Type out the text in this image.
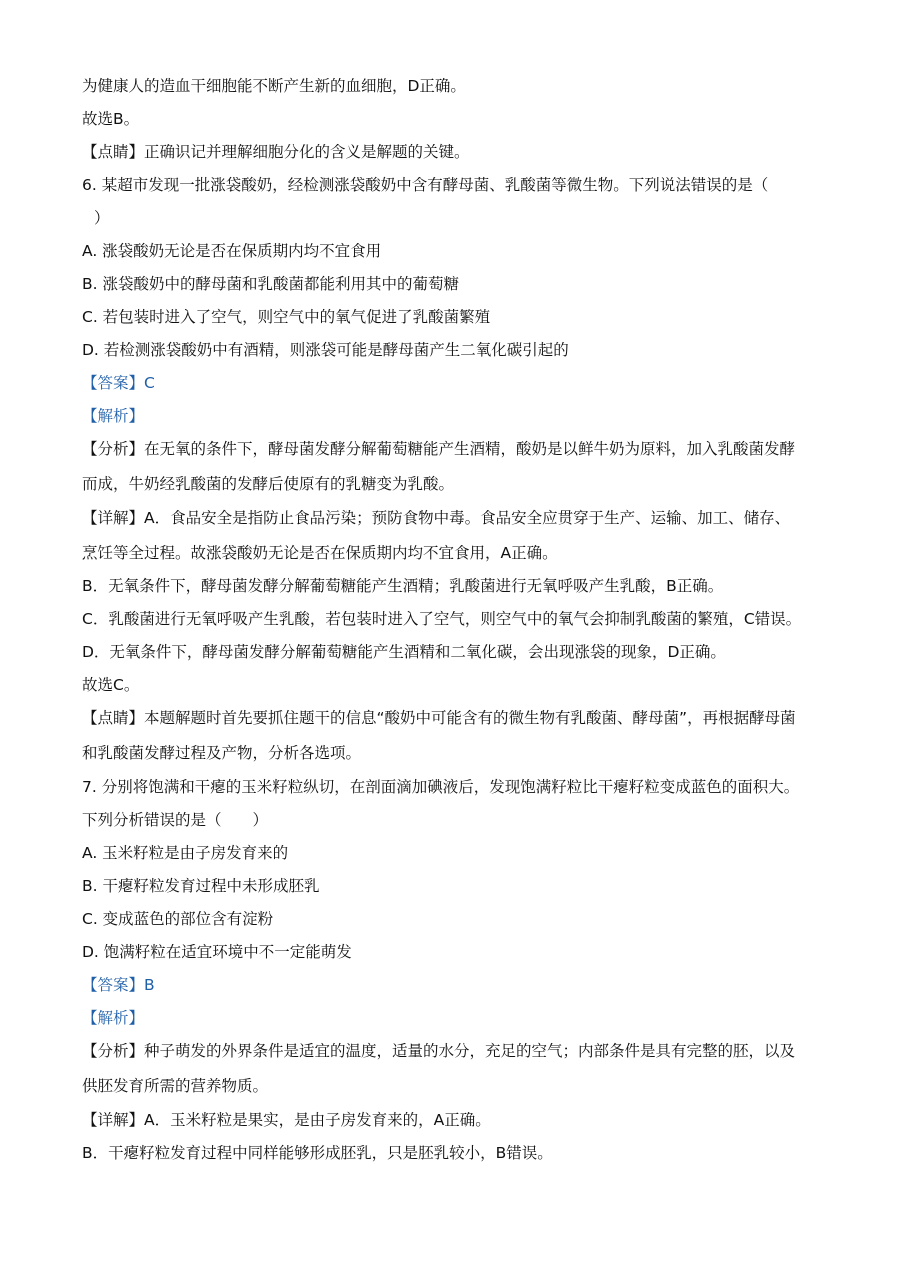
为健康人的造血干细胞能不断产生新的血细胞，D正确。
故选B。
【点睛】正确识记并理解细胞分化的含义是解题的关键。
6. 某超市发现一批涨袋酸奶，经检测涨袋酸奶中含有酵母菌、乳酸菌等微生物。下列说法错误的是（
）
A. 涨袋酸奶无论是否在保质期内均不宜食用
B. 涨袋酸奶中的酵母菌和乳酸菌都能利用其中的葡萄糖
C. 若包装时进入了空气，则空气中的氧气促进了乳酸菌繁殖
D. 若检测涨袋酸奶中有酒精，则涨袋可能是酵母菌产生二氧化碳引起的
【答案】C
【解析】
【分析】在无氧的条件下，酵母菌发酵分解葡萄糖能产生酒精，酸奶是以鲜牛奶为原料，加入乳酸菌发酵
而成，牛奶经乳酸菌的发酵后使原有的乳糖变为乳酸。
【详解】A．食品安全是指防止食品污染；预防食物中毒。食品安全应贯穿于生产、运输、加工、储存、
烹饪等全过程。故涨袋酸奶无论是否在保质期内均不宜食用，A正确。
B．无氧条件下，酵母菌发酵分解葡萄糖能产生酒精；乳酸菌进行无氧呼吸产生乳酸，B正确。
C．乳酸菌进行无氧呼吸产生乳酸，若包装时进入了空气，则空气中的氧气会抑制乳酸菌的繁殖，C错误。
D．无氧条件下，酵母菌发酵分解葡萄糖能产生酒精和二氧化碳，会出现涨袋的现象，D正确。
故选C。
【点睛】本题解题时首先要抓住题干的信息“酸奶中可能含有的微生物有乳酸菌、酵母菌”，再根据酵母菌
和乳酸菌发酵过程及产物，分析各选项。
7. 分别将饱满和干瘪的玉米籽粒纵切，在剖面滴加碘液后，发现饱满籽粒比干瘪籽粒变成蓝色的面积大。
下列分析错误的是（　　）
A. 玉米籽粒是由子房发育来的
B. 干瘪籽粒发育过程中未形成胚乳
C. 变成蓝色的部位含有淀粉
D. 饱满籽粒在适宜环境中不一定能萌发
【答案】B
【解析】
【分析】种子萌发的外界条件是适宜的温度，适量的水分，充足的空气；内部条件是具有完整的胚，以及
供胚发育所需的营养物质。
【详解】A．玉米籽粒是果实，是由子房发育来的，A正确。
B．干瘪籽粒发育过程中同样能够形成胚乳，只是胚乳较小，B错误。
